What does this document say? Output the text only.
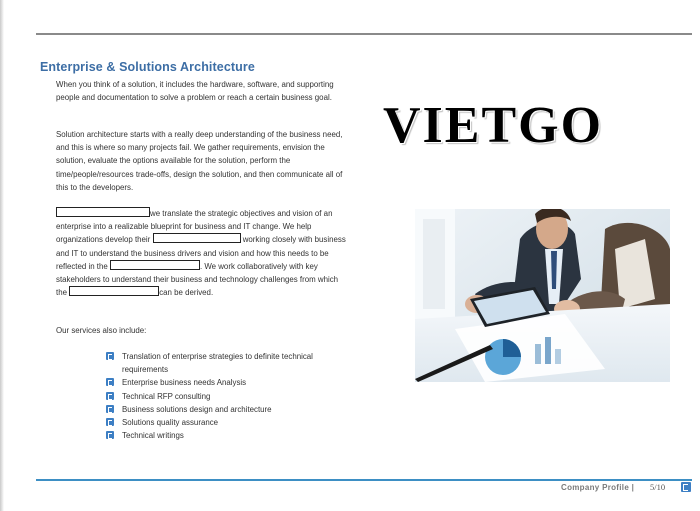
Enterprise & Solutions Architecture

When you think of a solution, it includes the hardware, software, and supporting people and documentation to solve a problem or reach a certain business goal.

Solution architecture starts with a really deep understanding of the business need, and this is where so many projects fail. We gather requirements, envision the solution, evaluate the options available for the solution, perform the time/people/resources trade-offs, design the solution, and then communicate all of this to the developers.

we translate the strategic objectives and vision of an enterprise into a realizable blueprint for business and IT change. We help organizations develop their	working closely with business and IT to understand the business drivers and vision and how this needs to be reflected in the	. We work collaboratively with key stakeholders to understand their business and technology challenges from which the	can be derived.

Our services also include:

Translation of enterprise strategies to definite technical requirements
Enterprise business needs Analysis
Technical RFP consulting
Business solutions design and architecture
Solutions quality assurance
Technical writings
VIETGO
Company Profile | 5/10
